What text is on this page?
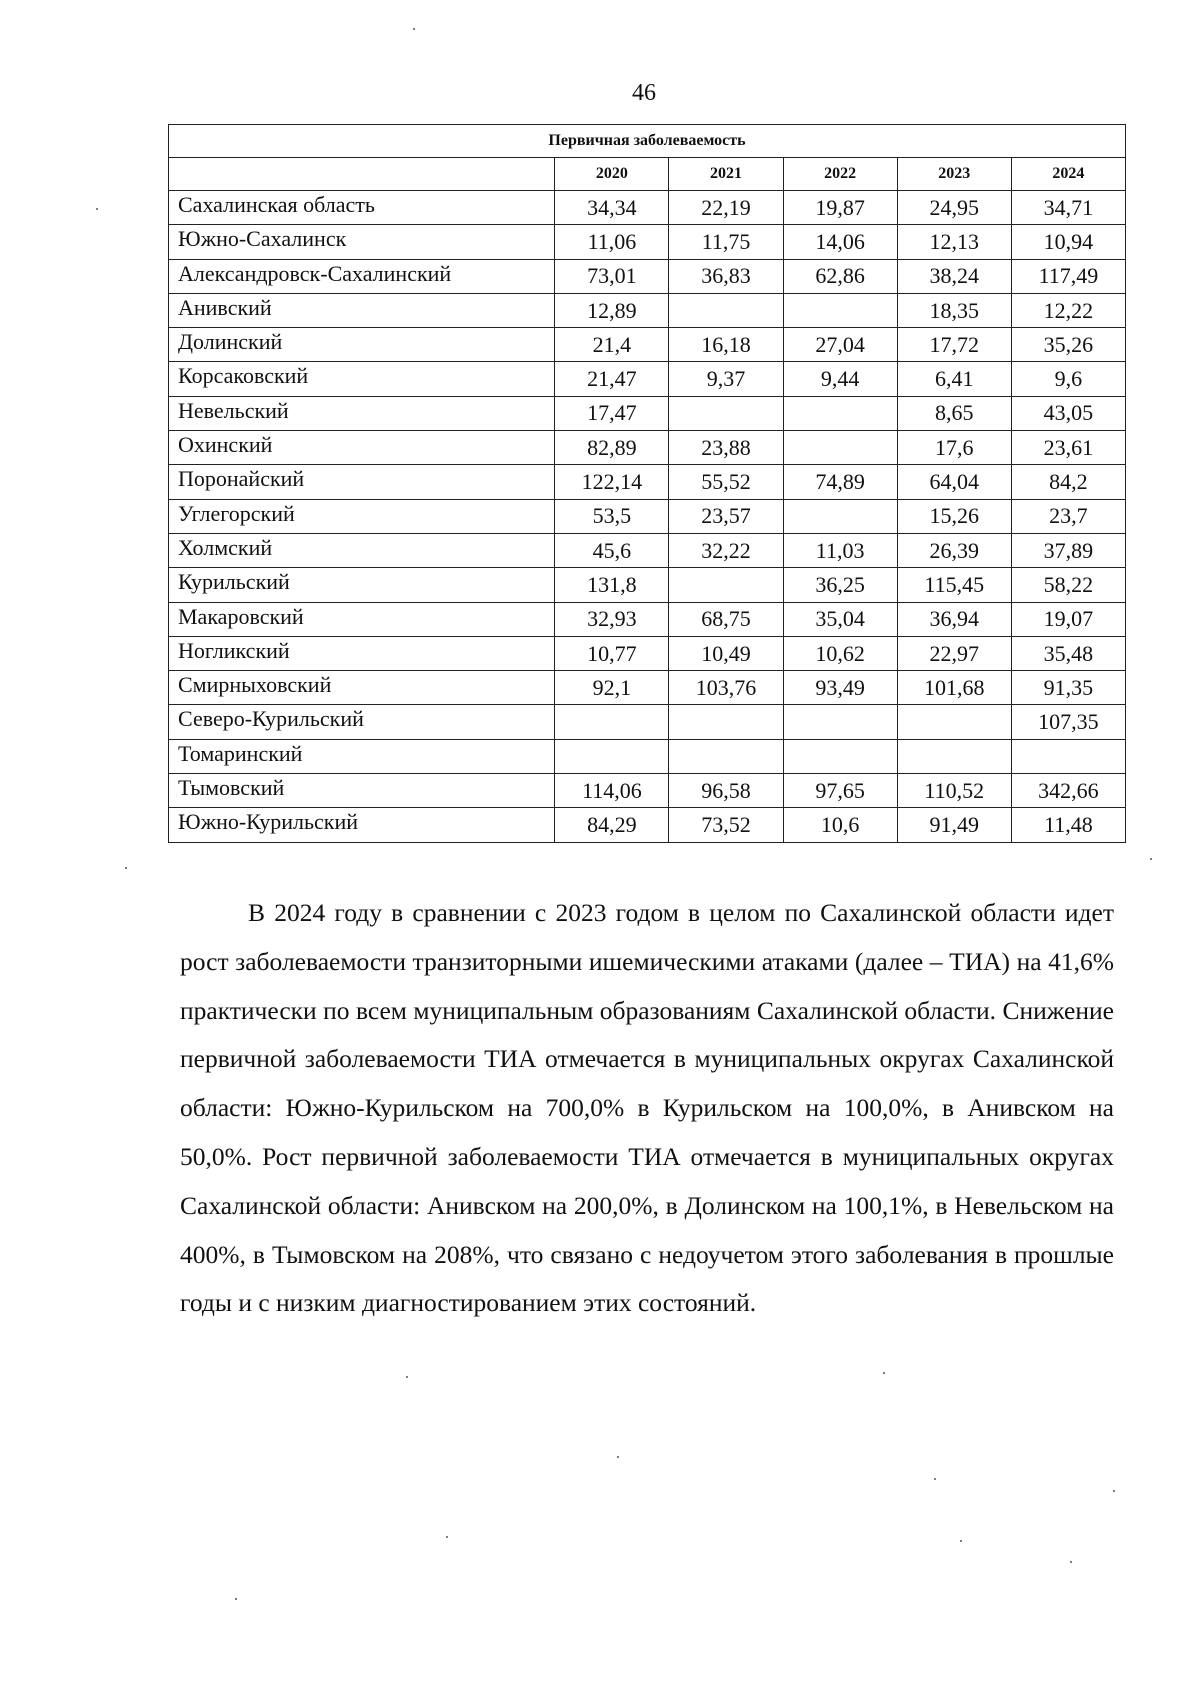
46
Первичная заболеваемость					
	2020	2021	2022	2023	2024
Сахалинская область	34,34	22,19	19,87	24,95	34,71
Южно-Сахалинск	11,06	11,75	14,06	12,13	10,94
Александровск-Сахалинский	73,01	36,83	62,86	38,24	117,49
Анивский	12,89			18,35	12,22
Долинский	21,4	16,18	27,04	17,72	35,26
Корсаковский	21,47	9,37	9,44	6,41	9,6
Невельский	17,47			8,65	43,05
Охинский	82,89	23,88		17,6	23,61
Поронайский	122,14	55,52	74,89	64,04	84,2
Углегорский	53,5	23,57		15,26	23,7
Холмский	45,6	32,22	11,03	26,39	37,89
Курильский	131,8		36,25	115,45	58,22
Макаровский	32,93	68,75	35,04	36,94	19,07
Ногликский	10,77	10,49	10,62	22,97	35,48
Смирныховский	92,1	103,76	93,49	101,68	91,35
Северо-Курильский					107,35
Томаринский					
Тымовский	114,06	96,58	97,65	110,52	342,66
Южно-Курильский	84,29	73,52	10,6	91,49	11,48

В 2024 году в сравнении с 2023 годом в целом по Сахалинской области идет рост заболеваемости транзиторными ишемическими атаками (далее – ТИА) на 41,6% практически по всем муниципальным образованиям Сахалинской области. Снижение первичной заболеваемости ТИА отмечается в муниципальных округах Сахалинской области: Южно-Курильском на 700,0% в Курильском на 100,0%, в Анивском на 50,0%. Рост первичной заболеваемости ТИА отмечается в муниципальных округах Сахалинской области: Анивском на 200,0%, в Долинском на 100,1%, в Невельском на 400%, в Тымовском на 208%, что связано с недоучетом этого заболевания в прошлые годы и с низким диагностированием этих состояний.
